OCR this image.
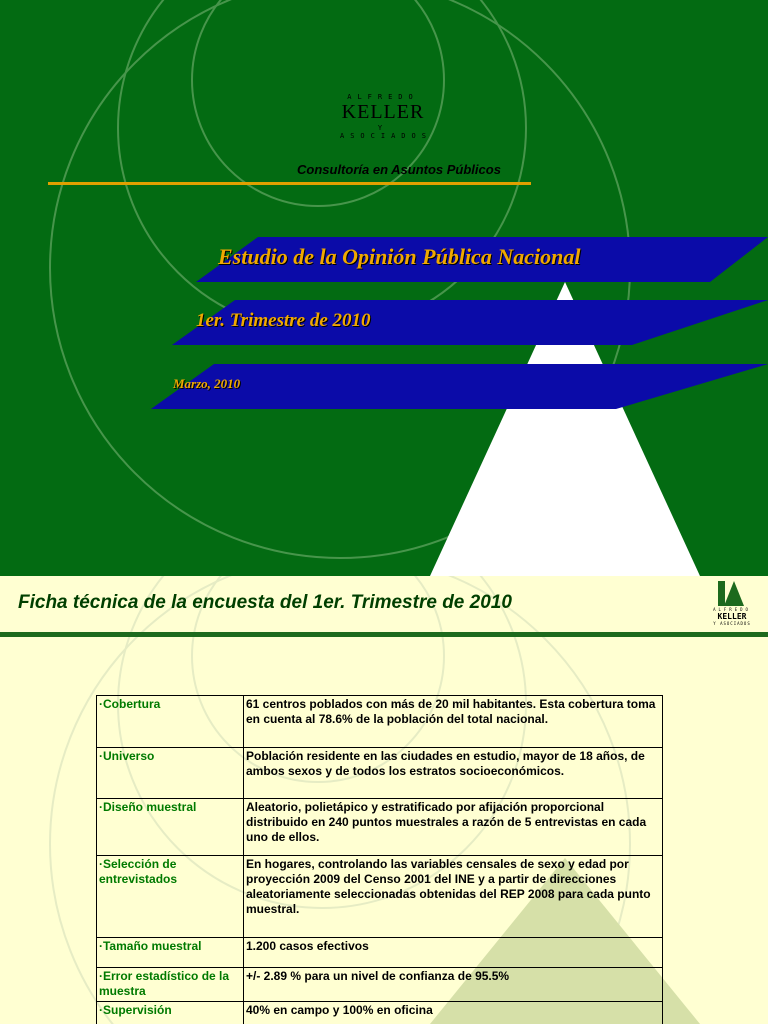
ALFREDO
KELLER
Y ASOCIADOS
Consultoría en Asuntos Públicos
Estudio de la Opinión Pública Nacional
1er. Trimestre de 2010
Marzo, 2010
Ficha técnica de la encuesta del 1er. Trimestre de 2010	ALFREDO
KELLER
Y ASOCIADOS
·Cobertura	61 centros poblados con más de 20 mil habitantes. Esta cobertura toma en cuenta al 78.6% de la población del total nacional.
·Universo	Población residente en las ciudades en estudio, mayor de 18 años, de ambos sexos y de todos los estratos socioeconómicos.
·Diseño muestral	Aleatorio, polietápico y estratificado por afijación proporcional distribuido en 240 puntos muestrales a razón de 5 entrevistas en cada uno de ellos.
·Selección de entrevistados	En hogares, controlando las variables censales de sexo y edad por proyección 2009 del Censo 2001 del INE y a partir de direcciones aleatoriamente seleccionadas obtenidas del REP 2008 para cada punto muestral.
·Tamaño muestral	1.200 casos efectivos
·Error estadístico de la muestra	+/- 2.89 % para un nivel de confianza de 95.5%
·Supervisión	40% en campo y 100% en oficina
